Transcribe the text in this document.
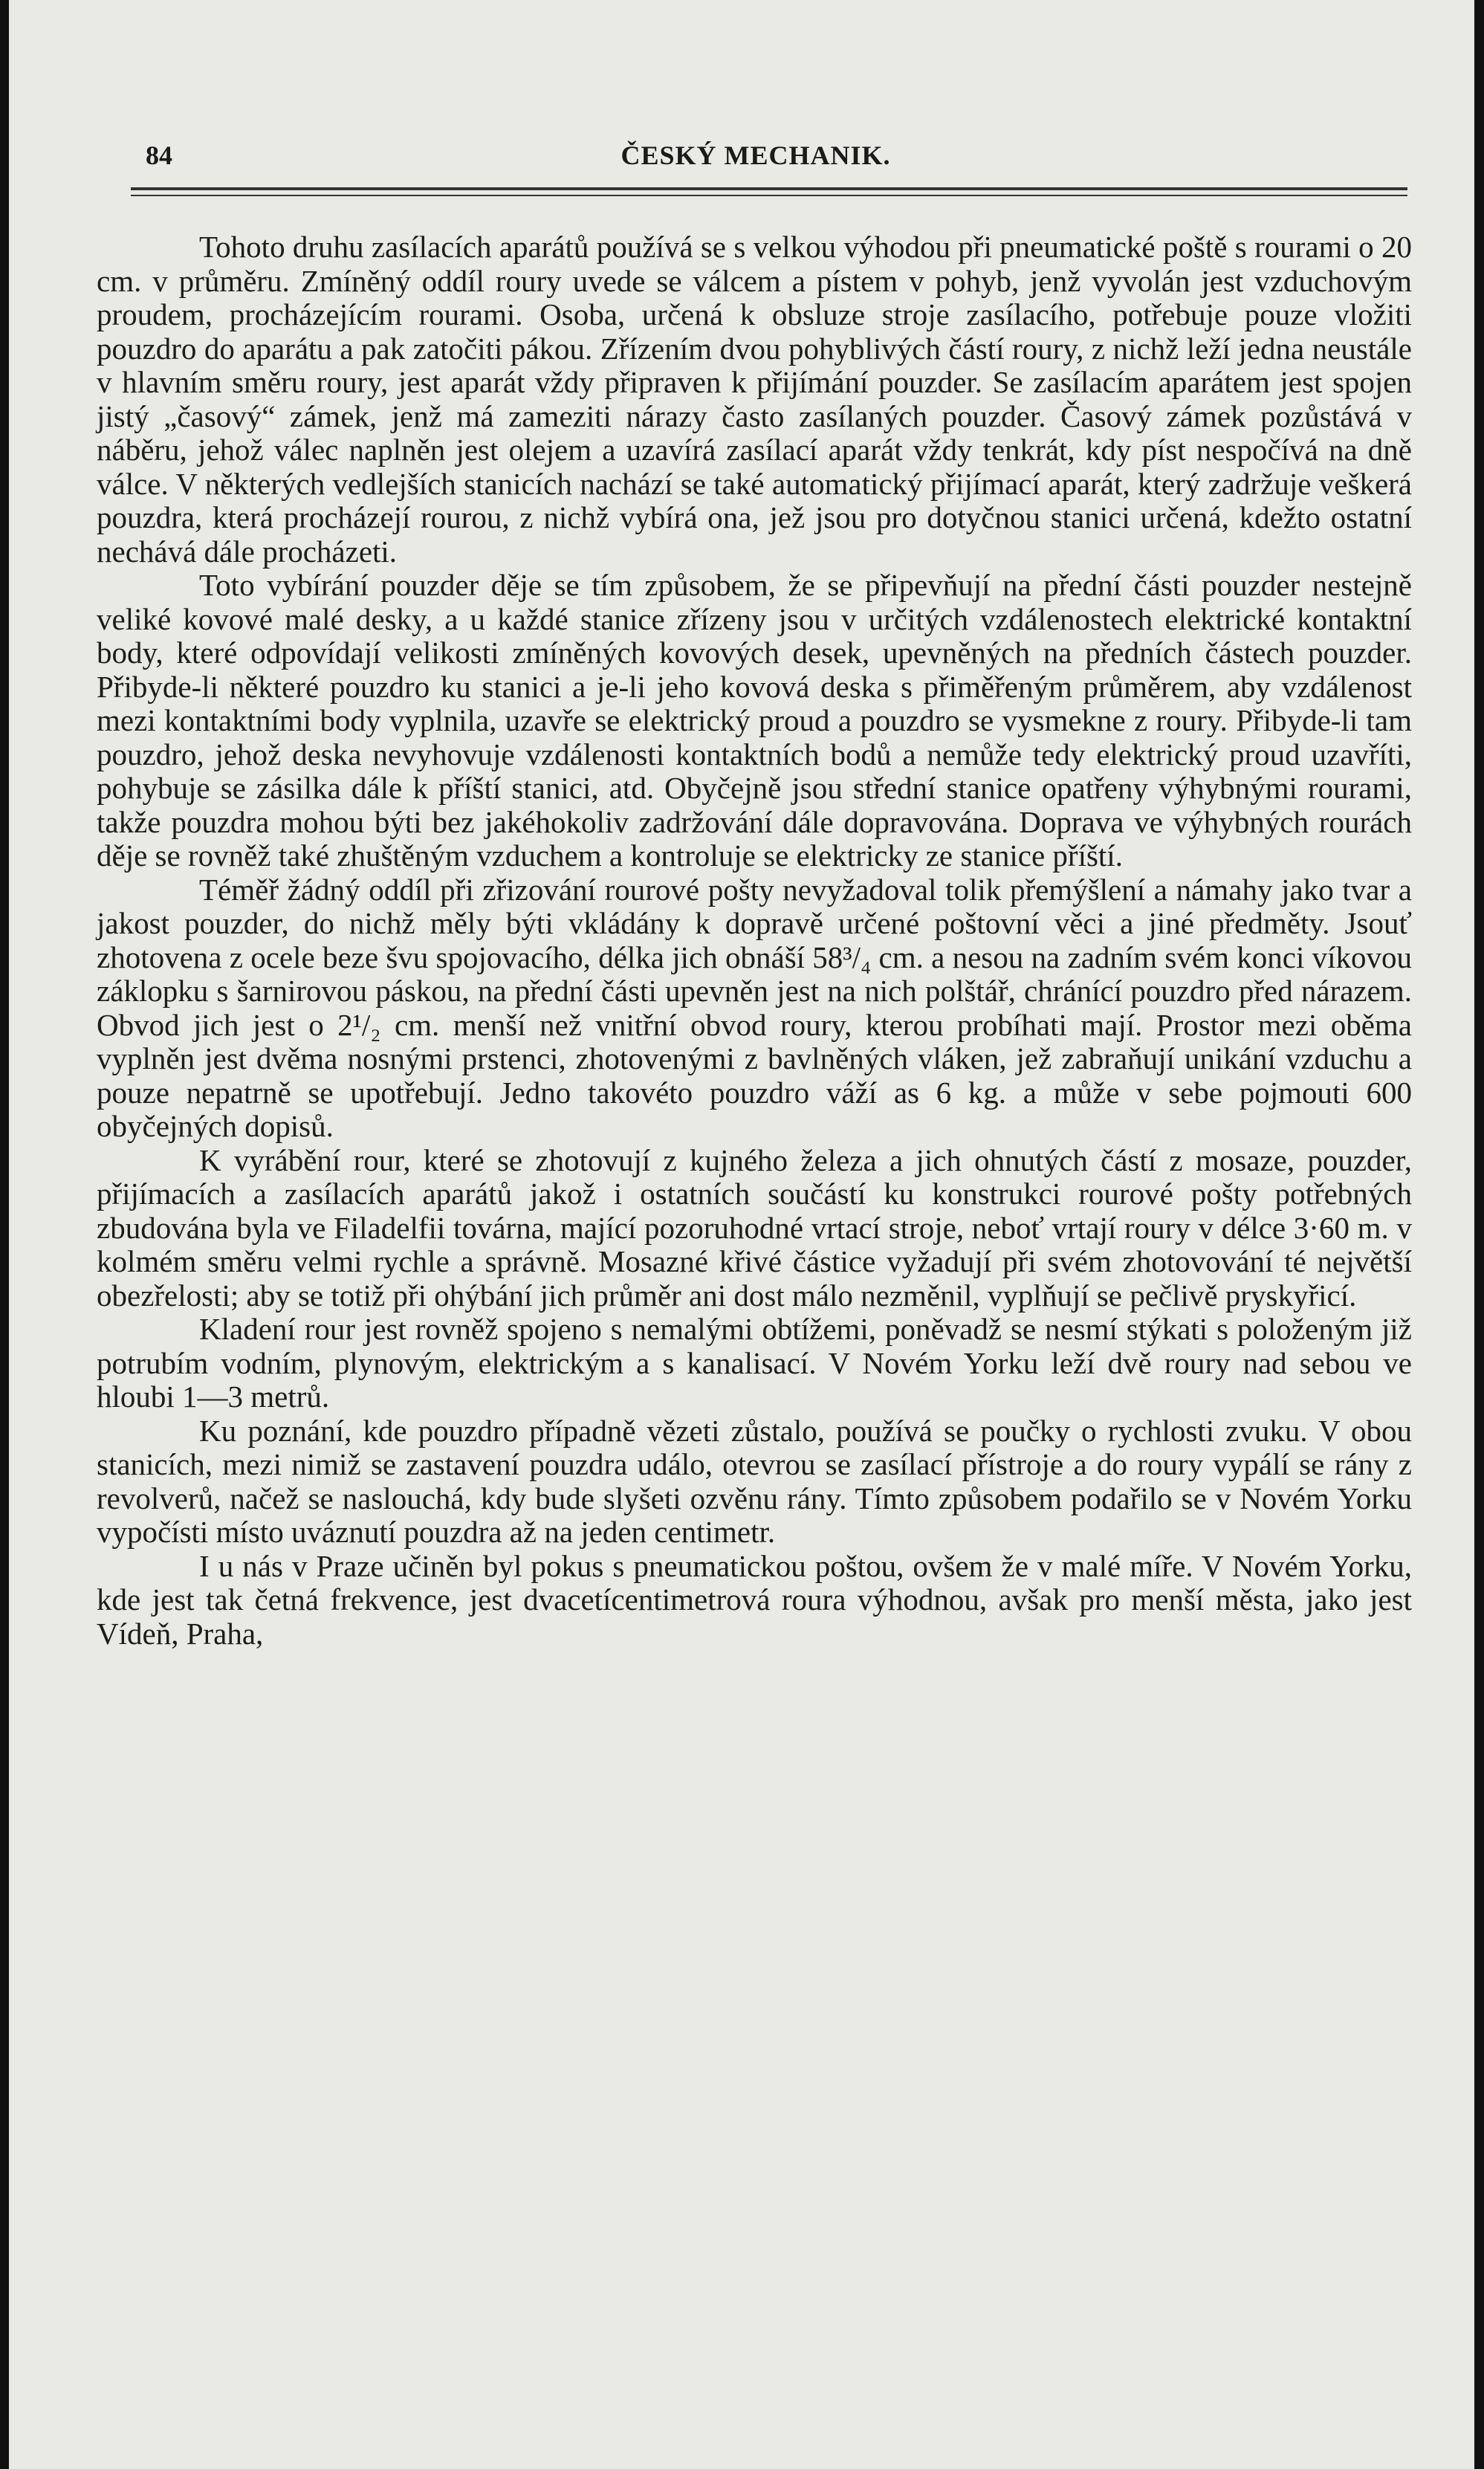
84	ČESKÝ MECHANIK.

Tohoto druhu zasílacích aparátů používá se s velkou výhodou při pneumatické poště s rourami o 20 cm. v průměru. Zmíněný oddíl roury uvede se válcem a pístem v pohyb, jenž vyvolán jest vzduchovým proudem, procházejícím rourami. Osoba, určená k obsluze stroje zasílacího, potřebuje pouze vložiti pouzdro do aparátu a pak zatočiti pákou. Zřízením dvou pohyblivých částí roury, z nichž leží jedna neustále v hlavním směru roury, jest aparát vždy připraven k přijímání pouzder. Se zasílacím aparátem jest spojen jistý „časový“ zámek, jenž má zameziti nárazy často zasílaných pouzder. Časový zámek pozůstává v náběru, jehož válec naplněn jest olejem a uzavírá zasílací aparát vždy tenkrát, kdy píst nespočívá na dně válce. V některých vedlejších stanicích nachází se také automatický přijímací aparát, který zadržuje veškerá pouzdra, která procházejí rourou, z nichž vybírá ona, jež jsou pro dotyčnou stanici určená, kdežto ostatní nechává dále procházeti.

Toto vybírání pouzder děje se tím způsobem, že se připevňují na přední části pouzder nestejně veliké kovové malé desky, a u každé stanice zřízeny jsou v určitých vzdálenostech elektrické kontaktní body, které odpovídají velikosti zmíněných kovových desek, upevněných na předních částech pouzder. Přibyde-li některé pouzdro ku stanici a je-li jeho kovová deska s přiměřeným průměrem, aby vzdálenost mezi kontaktními body vyplnila, uzavře se elektrický proud a pouzdro se vysmekne z roury. Přibyde-li tam pouzdro, jehož deska nevyhovuje vzdálenosti kontaktních bodů a nemůže tedy elektrický proud uzavříti, pohybuje se zásilka dále k příští stanici, atd. Obyčejně jsou střední stanice opatřeny výhybnými rourami, takže pouzdra mohou býti bez jakéhokoliv zadržování dále dopravována. Doprava ve výhybných rourách děje se rovněž také zhuštěným vzduchem a kontroluje se elektricky ze stanice příští.

Téměř žádný oddíl při zřizování rourové pošty nevyžadoval tolik přemýšlení a námahy jako tvar a jakost pouzder, do nichž měly býti vkládány k dopravě určené poštovní věci a jiné předměty. Jsouť zhotovena z ocele beze švu spojovacího, délka jich obnáší 58³/₄ cm. a nesou na zadním svém konci víkovou záklopku s šarnirovou páskou, na přední části upevněn jest na nich polštář, chránící pouzdro před nárazem. Obvod jich jest o 2¹/₂ cm. menší než vnitřní obvod roury, kterou probíhati mají. Prostor mezi oběma vyplněn jest dvěma nosnými prstenci, zhotovenými z bavlněných vláken, jež zabraňují unikání vzduchu a pouze nepatrně se upotřebují. Jedno takovéto pouzdro váží as 6 kg. a může v sebe pojmouti 600 obyčejných dopisů.

K vyrábění rour, které se zhotovují z kujného železa a jich ohnutých částí z mosaze, pouzder, přijímacích a zasílacích aparátů jakož i ostatních součástí ku konstrukci rourové pošty potřebných zbudována byla ve Filadelfii továrna, mající pozoruhodné vrtací stroje, neboť vrtají roury v délce 3·60 m. v kolmém směru velmi rychle a správně. Mosazné křivé částice vyžadují při svém zhotovování té největší obezřelosti; aby se totiž při ohýbání jich průměr ani dost málo nezměnil, vyplňují se pečlivě pryskyřicí.

Kladení rour jest rovněž spojeno s nemalými obtížemi, poněvadž se nesmí stýkati s položeným již potrubím vodním, plynovým, elektrickým a s kanalisací. V Novém Yorku leží dvě roury nad sebou ve hloubi 1—3 metrů.

Ku poznání, kde pouzdro případně vězeti zůstalo, používá se poučky o rychlosti zvuku. V obou stanicích, mezi nimiž se zastavení pouzdra událo, otevrou se zasílací přístroje a do roury vypálí se rány z revolverů, načež se naslouchá, kdy bude slyšeti ozvěnu rány. Tímto způsobem podařilo se v Novém Yorku vypočísti místo uváznutí pouzdra až na jeden centimetr.

I u nás v Praze učiněn byl pokus s pneumatickou poštou, ovšem že v malé míře. V Novém Yorku, kde jest tak četná frekvence, jest dvacetícentimetrová roura výhodnou, avšak pro menší města, jako jest Vídeň, Praha,
